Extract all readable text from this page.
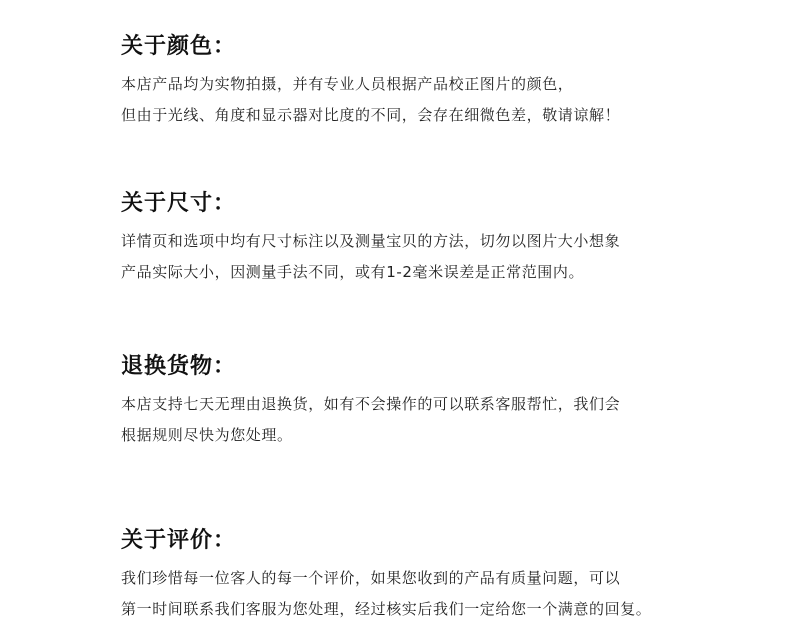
关于颜色：
本店产品均为实物拍摄，并有专业人员根据产品校正图片的颜色，
但由于光线、角度和显示器对比度的不同，会存在细微色差，敬请谅解！
关于尺寸：
详情页和选项中均有尺寸标注以及测量宝贝的方法，切勿以图片大小想象
产品实际大小，因测量手法不同，或有1-2毫米误差是正常范围内。
退换货物：
本店支持七天无理由退换货，如有不会操作的可以联系客服帮忙，我们会
根据规则尽快为您处理。
关于评价：
我们珍惜每一位客人的每一个评价，如果您收到的产品有质量问题，可以
第一时间联系我们客服为您处理，经过核实后我们一定给您一个满意的回复。
